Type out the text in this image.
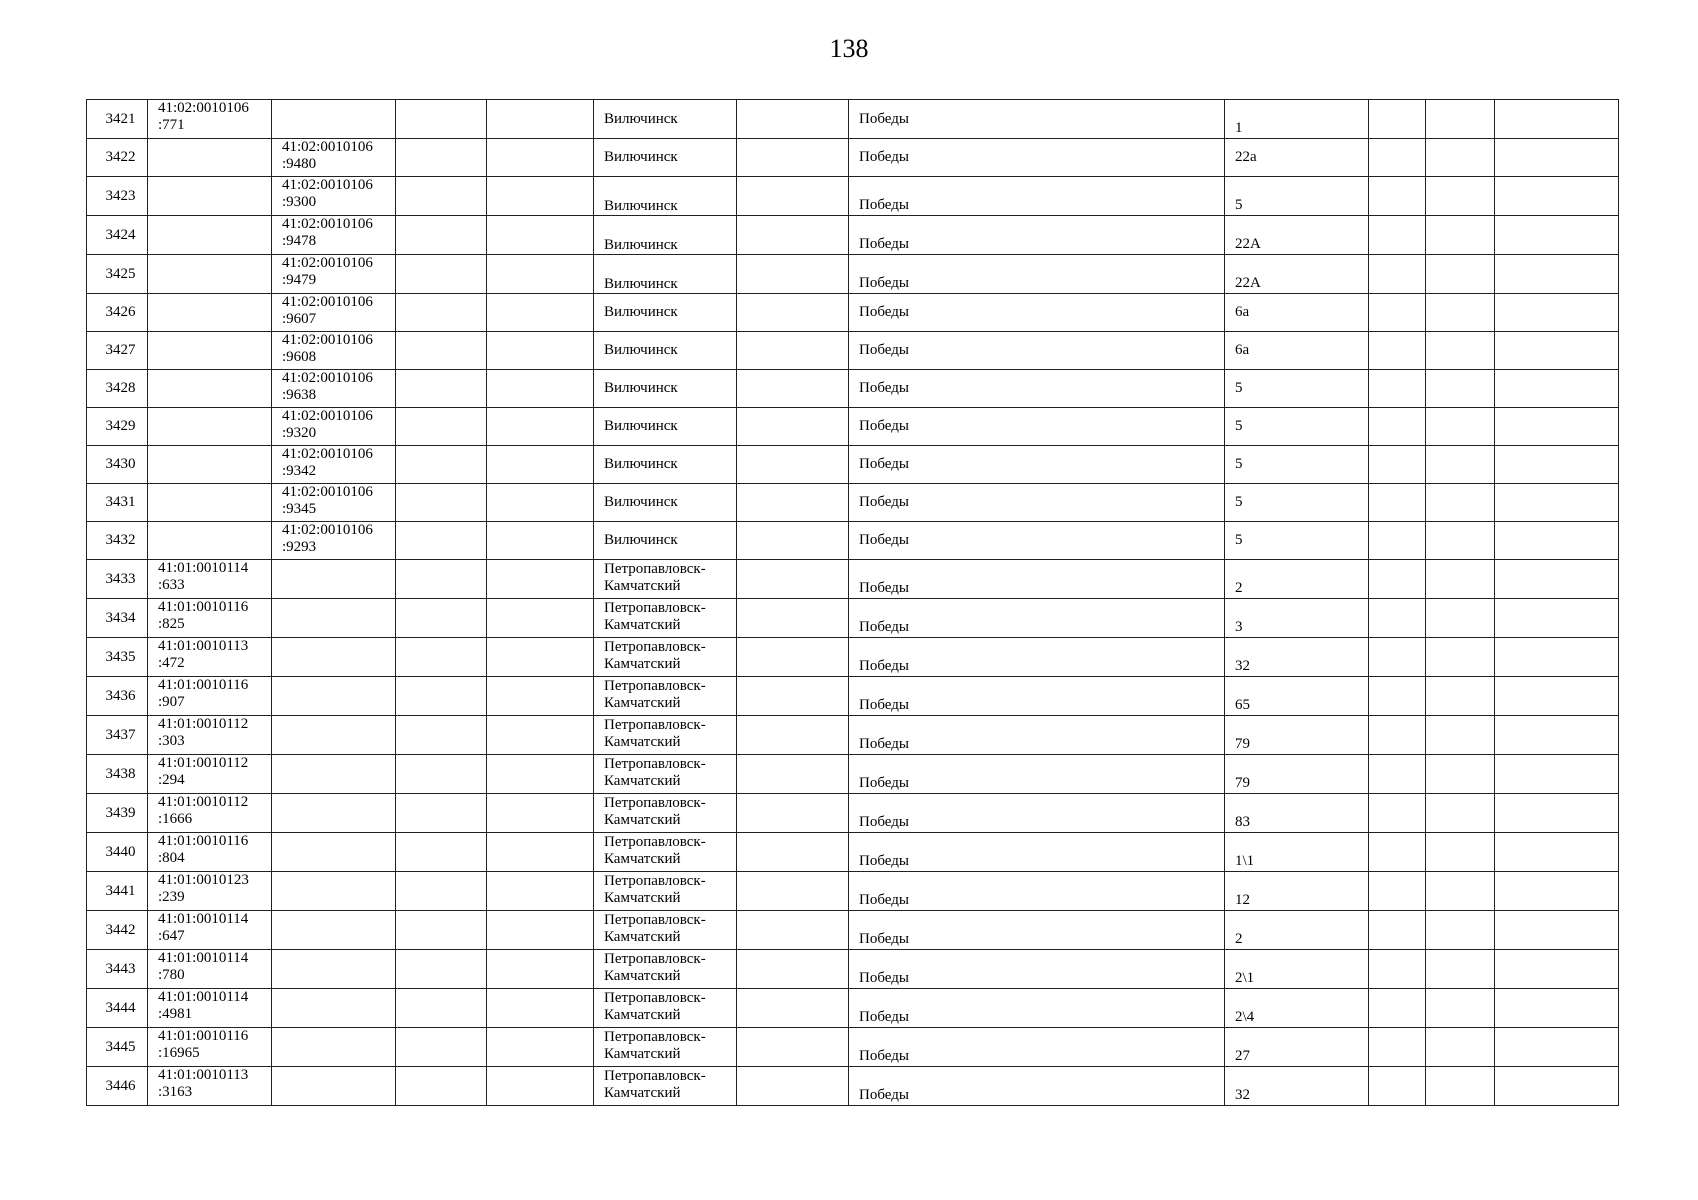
138
3421	41:02:0010106
:771				Вилючинск		Победы	1			
3422		41:02:0010106
:9480			Вилючинск		Победы	22а			
3423		41:02:0010106
:9300			Вилючинск		Победы	5			
3424		41:02:0010106
:9478			Вилючинск		Победы	22А			
3425		41:02:0010106
:9479			Вилючинск		Победы	22А			
3426		41:02:0010106
:9607			Вилючинск		Победы	6а			
3427		41:02:0010106
:9608			Вилючинск		Победы	6а			
3428		41:02:0010106
:9638			Вилючинск		Победы	5			
3429		41:02:0010106
:9320			Вилючинск		Победы	5			
3430		41:02:0010106
:9342			Вилючинск		Победы	5			
3431		41:02:0010106
:9345			Вилючинск		Победы	5			
3432		41:02:0010106
:9293			Вилючинск		Победы	5			
3433	41:01:0010114
:633				Петропавловск-
Камчатский		Победы	2			
3434	41:01:0010116
:825				Петропавловск-
Камчатский		Победы	3			
3435	41:01:0010113
:472				Петропавловск-
Камчатский		Победы	32			
3436	41:01:0010116
:907				Петропавловск-
Камчатский		Победы	65			
3437	41:01:0010112
:303				Петропавловск-
Камчатский		Победы	79			
3438	41:01:0010112
:294				Петропавловск-
Камчатский		Победы	79			
3439	41:01:0010112
:1666				Петропавловск-
Камчатский		Победы	83			
3440	41:01:0010116
:804				Петропавловск-
Камчатский		Победы	1\1			
3441	41:01:0010123
:239				Петропавловск-
Камчатский		Победы	12			
3442	41:01:0010114
:647				Петропавловск-
Камчатский		Победы	2			
3443	41:01:0010114
:780				Петропавловск-
Камчатский		Победы	2\1			
3444	41:01:0010114
:4981				Петропавловск-
Камчатский		Победы	2\4			
3445	41:01:0010116
:16965				Петропавловск-
Камчатский		Победы	27			
3446	41:01:0010113
:3163				Петропавловск-
Камчатский		Победы	32			
